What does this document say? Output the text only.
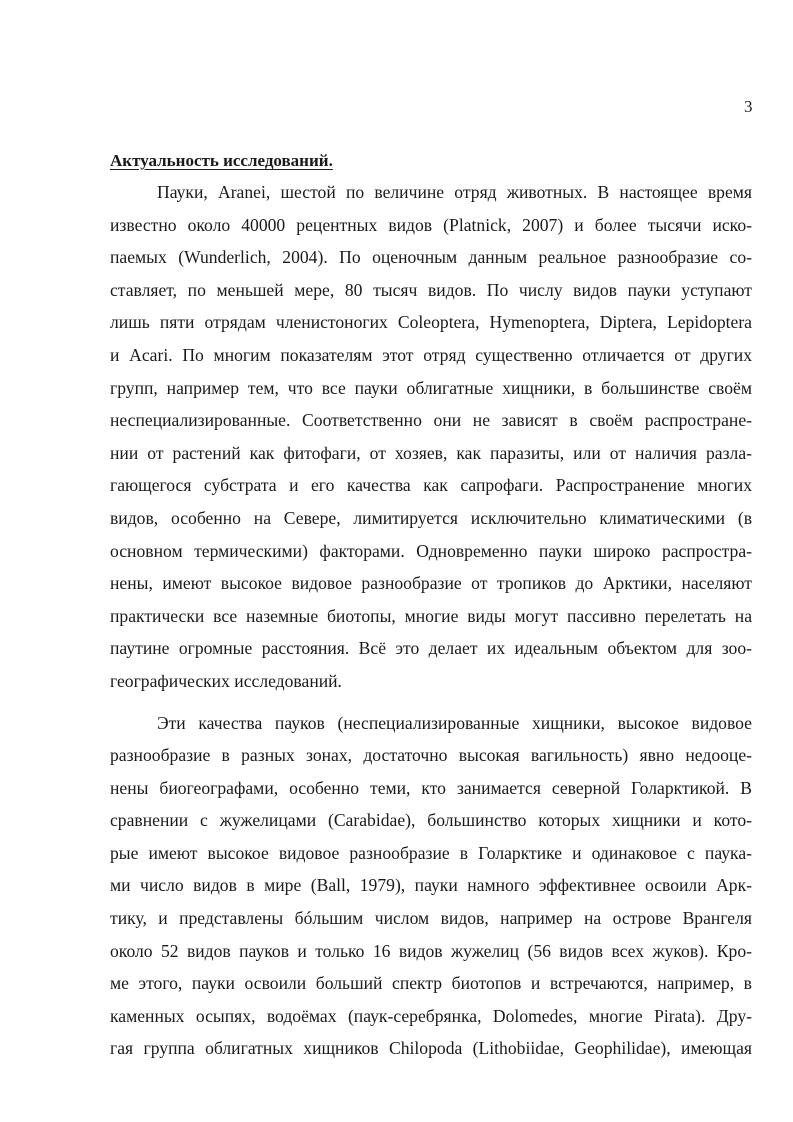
3
Актуальность исследований.
Пауки, Aranei, шестой по величине отряд животных. В настоящее время
известно около 40000 рецентных видов (Platnick, 2007) и более тысячи иско-
паемых (Wunderlich, 2004). По оценочным данным реальное разнообразие со-
ставляет, по меньшей мере, 80 тысяч видов. По числу видов пауки уступают
лишь пяти отрядам членистоногих Coleoptera, Hymenoptera, Diptera, Lepidoptera
и Acari. По многим показателям этот отряд существенно отличается от других
групп, например тем, что все пауки облигатные хищники, в большинстве своём
неспециализированные. Соответственно они не зависят в своём распростране-
нии от растений как фитофаги, от хозяев, как паразиты, или от наличия разла-
гающегося субстрата и его качества как сапрофаги. Распространение многих
видов, особенно на Севере, лимитируется исключительно климатическими (в
основном термическими) факторами. Одновременно пауки широко распростра-
нены, имеют высокое видовое разнообразие от тропиков до Арктики, населяют
практически все наземные биотопы, многие виды могут пассивно перелетать на
паутине огромные расстояния. Всё это делает их идеальным объектом для зоо-
географических исследований.
Эти качества пауков (неспециализированные хищники, высокое видовое
разнообразие в разных зонах, достаточно высокая вагильность) явно недооце-
нены биогеографами, особенно теми, кто занимается северной Голарктикой. В
сравнении с жужелицами (Carabidae), большинство которых хищники и кото-
рые имеют высокое видовое разнообразие в Голарктике и одинаковое с паука-
ми число видов в мире (Ball, 1979), пауки намного эффективнее освоили Арк-
тику, и представлены бóльшим числом видов, например на острове Врангеля
около 52 видов пауков и только 16 видов жужелиц (56 видов всех жуков). Кро-
ме этого, пауки освоили больший спектр биотопов и встречаются, например, в
каменных осыпях, водоёмах (паук-серебрянка, Dolomedes, многие Pirata). Дру-
гая группа облигатных хищников Chilopoda (Lithobiidae, Geophilidae), имеющая
